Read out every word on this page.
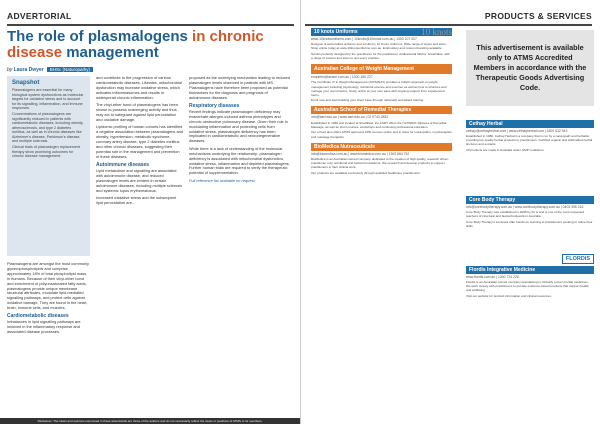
ADVERTORIAL
The role of plasmalogens in chronic disease management
by Laura Dwyer BHSc (Naturopathy)
Snapshot

Plasmalogens are essential for many biological system dysfunctions as molecular targets for oxidative stress and to account for its signalling, inflammation, and immune responses.

Concentrations of plasmalogens are significantly reduced in patients with cardiometabolic diseases, including obesity, atherosclerosis, and type 2 diabetes mellitus, as well as in chronic diseases like Alzheimer's disease, Parkinson's disease, and multiple sclerosis.

Clinical trials of plasmalogen replacement therapy show promising outcomes for chronic disease management.

Plasmalogens are amongst the most commonly glycerophospholipids and comprise approximately 18% of total phospholipid mass in humans. Because of their vinyl-ether bond and enrichment of polyunsaturated fatty acids, plasmalogens provide unique membrane structural attributes, modulate lipid-mediated signalling pathways, and protect cells against oxidative damage. They are found in the heart, brain, immune cells, and muscles.

Cardiometabolic diseases

Imbalances in lipid signalling pathways are involved in the inflammatory response and associated disease processes.

and contribute to the progression of various cardiometabolic diseases. Likewise, mitochondrial dysfunction may increase oxidative stress, which activates inflammasomes and results in widespread chronic inflammation.

The vinyl-ether bond of plasmalogens has been shown to possess scavenging activity and thus may act to safeguard against lipid peroxidation and oxidative damage.

Lipidomic profiling of human cohorts has identified a negative association between plasmalogens and obesity, hypertension, metabolic syndrome, coronary artery disease, type 2 diabetes mellitus and other chronic diseases, suggesting their potential role in the management and prevention of these diseases.

Autoimmune diseases

Lipid metabolism and signalling are associated with autoimmune disease, and reduced plasmalogen levels are evident in certain autoimmune diseases, including multiple sclerosis and systemic lupus erythematosus.

Increased oxidative stress and the subsequent lipid peroxidation are...

proposed as the underlying mechanism leading to reduced plasmalogen levels observed in patients with MS. Plasmalogens have therefore been proposed as potential biomarkers for the diagnosis and prognosis of autoimmune diseases.

Respiratory diseases

Recent findings indicate plasmalogen deficiency may exacerbate allergen-induced asthma phenotypes and chronic obstructive pulmonary disease. Given their role in modulating inflammation and protecting cells from oxidative stress, plasmalogen deficiency has been implicated in cardiometabolic and neurodegenerative diseases.

While there is a lack of understanding of the molecular mechanisms underlying the relationship, plasmalogen deficiency is associated with mitochondrial dysfunction, oxidative stress, inflammation and depleted plasmalogens. Further human trials are required to verify the therapeutic potential of supplementation.

Full reference list available on request

Disclaimer: The views and opinions expressed in these advertorials are those of the authors and do not necessarily reflect the views or positions of ATMS or its members.
PRODUCTS & SERVICES
10 knots Uniforms	10 knots
www.10knotsuniforms.com | 10knots@10knots.com.au | 1300 107 007

Designer & well-crafted uniforms and scrubs by 10 Knots Uniforms. Wide range of styles and sizes. Shop online today at www.10knotsuniforms.com.au. Embroidery and custom branding available.

Scrubs perfectly designed by the practitioner for the practitioner. Antibacterial fabrics, breathable, with a range of colours and sizes to suit every practice.

Australian College of Weight Management
enquiries@acwm.com.au | 1300 160 227

The Certificate IV in Weight Management (10732NAT) provides a holistic approach to weight management including psychology, nutritional science and exercise as well as how to structure and manage your own practice. Study online at your own pace with ongoing support from experienced tutors.

Enrol now and start building your client base through nationally accredited training.

Australian School of Remedial Therapies
info@asrt.edu.au | www.asrt.edu.au | 02 9743 2881

Established in 1989 and located at Strathfield, the ASRT offers the HLT52021 Diploma of Remedial Massage, as well as short courses, workshops and continuing professional education.

Our school also offers ATMS approved CPE courses online and in class for naturopaths, myotherapists and massage therapists.

BioMedica Nutraceuticals
info@biomedica.com.au | www.biomedica.com.au | 1300 884 752

BioMedica is an Australian-owned company dedicated to the creation of high quality, research driven practitioner only nutritional and herbal formulations. We research and develop products to support practitioners in their clinical work.

Our products are available exclusively through qualified healthcare practitioners.

This advertisement is available only to ATMS Accredited Members in accordance with the Therapeutic Goods Advertising Code.
Cethay Herbal
cethay@cethayherbal.com | www.cethayherbal.com | 1800 632 943

Established in 1986, Cethay Herbal is a company that is run by a naturopath and herbalist, providing top quality herbal products to practitioners. Certified organic and wildcrafted herbal tinctures and extracts.

All products are made in Australia under GMP conditions.

Core Body Therapy
info@corebodytherapy.com.au | www.corebodytherapy.com.au | 0403 396 216

Core Body Therapy was established in 2005 by Dr Li and is one of the most respected teachers of structural and fascial bodywork in Australia.

Core Body Therapy's seminars offer hands-on learning to practitioners seeking to refine their skills.

Flordis Integrative Medicine
FLORDIS
www.flordis.com.au | 1300 724 226

Flordis is an Australian-owned company specialising in clinically proven herbal medicines. We work closely with practitioners to provide evidence-based products that support health and wellbeing.

Visit our website for product information and clinical resources.
